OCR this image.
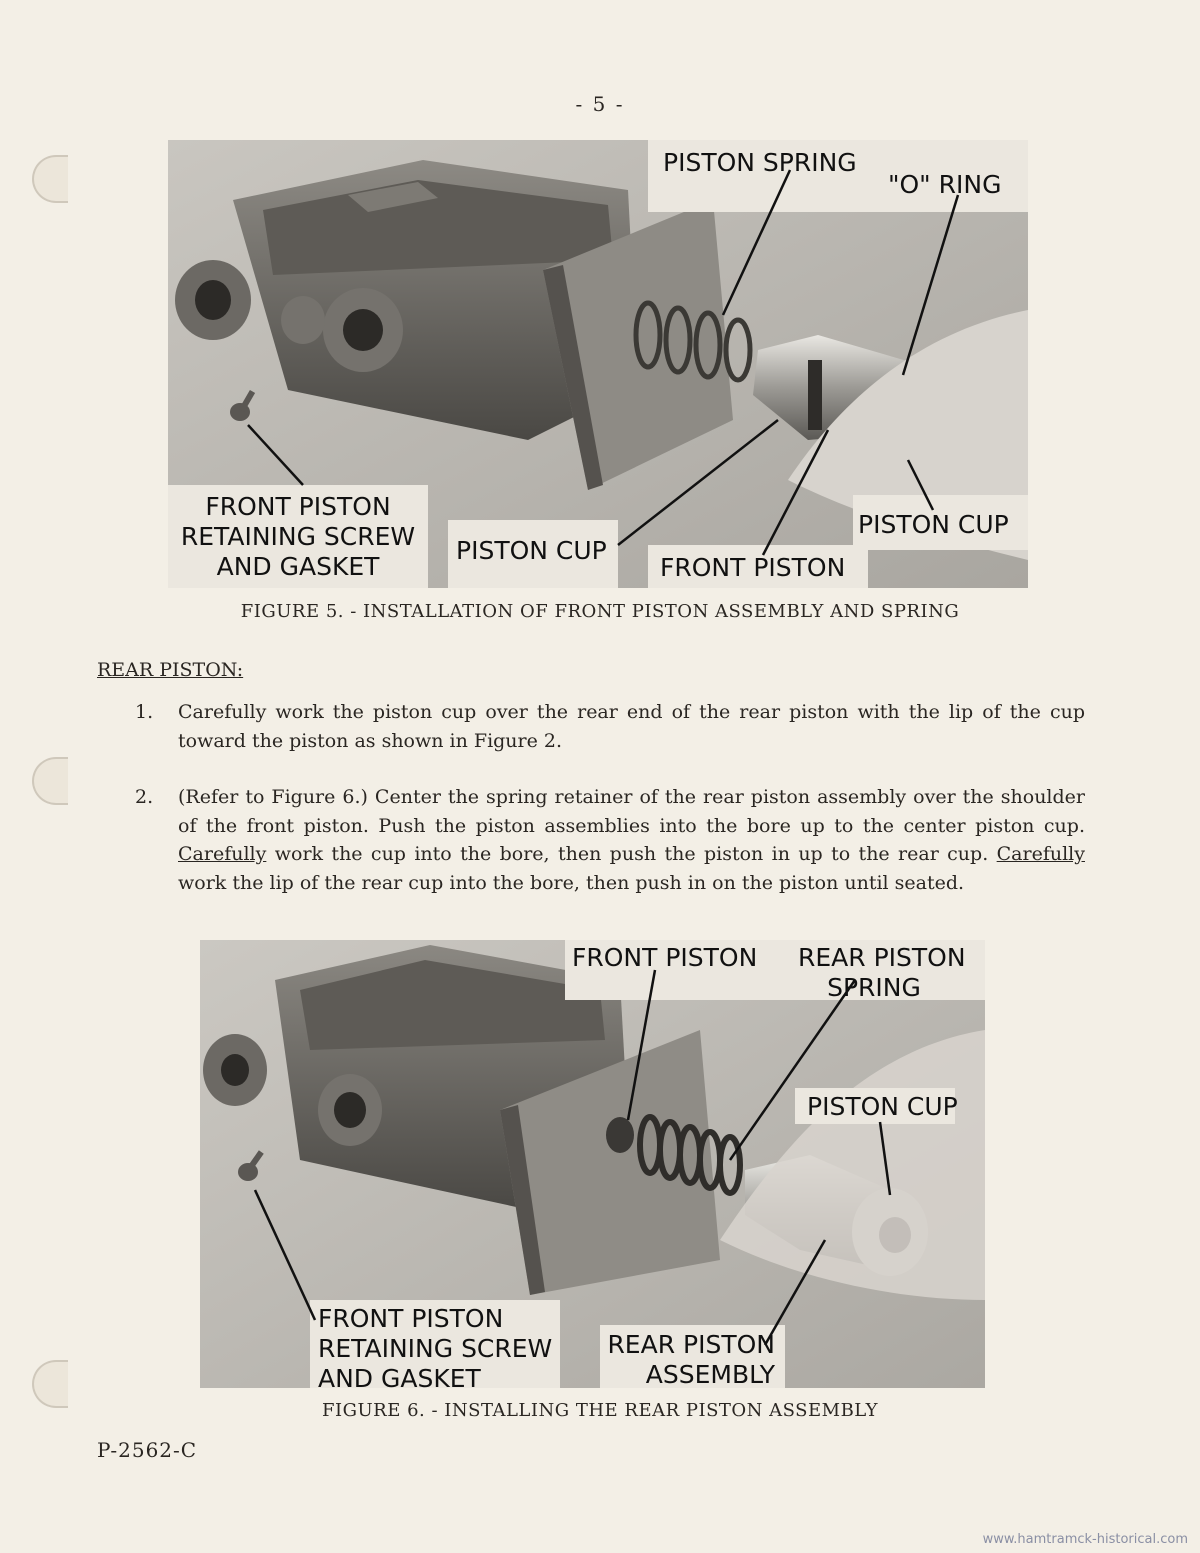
- 5 -
PISTON SPRING
"O" RING
FRONT PISTON
RETAINING SCREW
AND GASKET
PISTON CUP
FRONT PISTON
PISTON CUP
FIGURE 5. - INSTALLATION OF FRONT PISTON ASSEMBLY AND SPRING
REAR PISTON:
1. Carefully work the piston cup over the rear end of the rear piston with the lip of the cup toward the piston as shown in Figure 2.
2. (Refer to Figure 6.) Center the spring retainer of the rear piston assembly over the shoulder of the front piston. Push the piston assemblies into the bore up to the center piston cup. Carefully work the cup into the bore, then push the piston in up to the rear cup. Carefully work the lip of the rear cup into the bore, then push in on the piston until seated.
FRONT PISTON REAR PISTON
SPRING
PISTON CUP
FRONT PISTON
RETAINING SCREW
AND GASKET
REAR PISTON
ASSEMBLY
FIGURE 6. - INSTALLING THE REAR PISTON ASSEMBLY
P-2562-C
www.hamtramck-historical.com
